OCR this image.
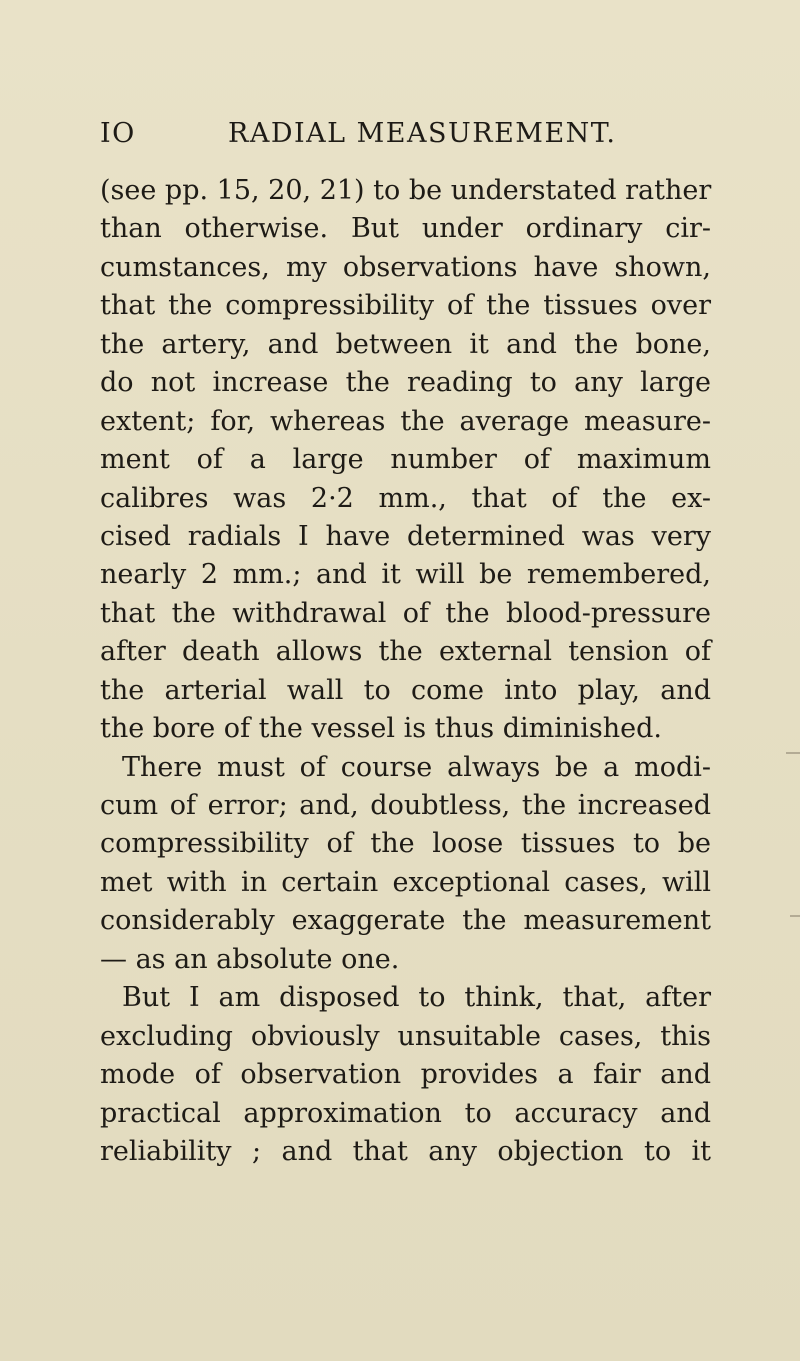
IO	RADIAL MEASUREMENT.
(see pp. 15, 20, 21) to be understated rather
than otherwise. But under ordinary cir-
cumstances, my observations have shown,
that the compressibility of the tissues over
the artery, and between it and the bone,
do not increase the reading to any large
extent; for, whereas the average measure-
ment of a large number of maximum
calibres was 2·2 mm., that of the ex-
cised radials I have determined was very
nearly 2 mm.; and it will be remembered,
that the withdrawal of the blood-pressure
after death allows the external tension of
the arterial wall to come into play, and
the bore of the vessel is thus diminished.
There must of course always be a modi-
cum of error; and, doubtless, the increased
compressibility of the loose tissues to be
met with in certain exceptional cases, will
considerably exaggerate the measurement
— as an absolute one.
But I am disposed to think, that, after
excluding obviously unsuitable cases, this
mode of observation provides a fair and
practical approximation to accuracy and
reliability ; and that any objection to it
